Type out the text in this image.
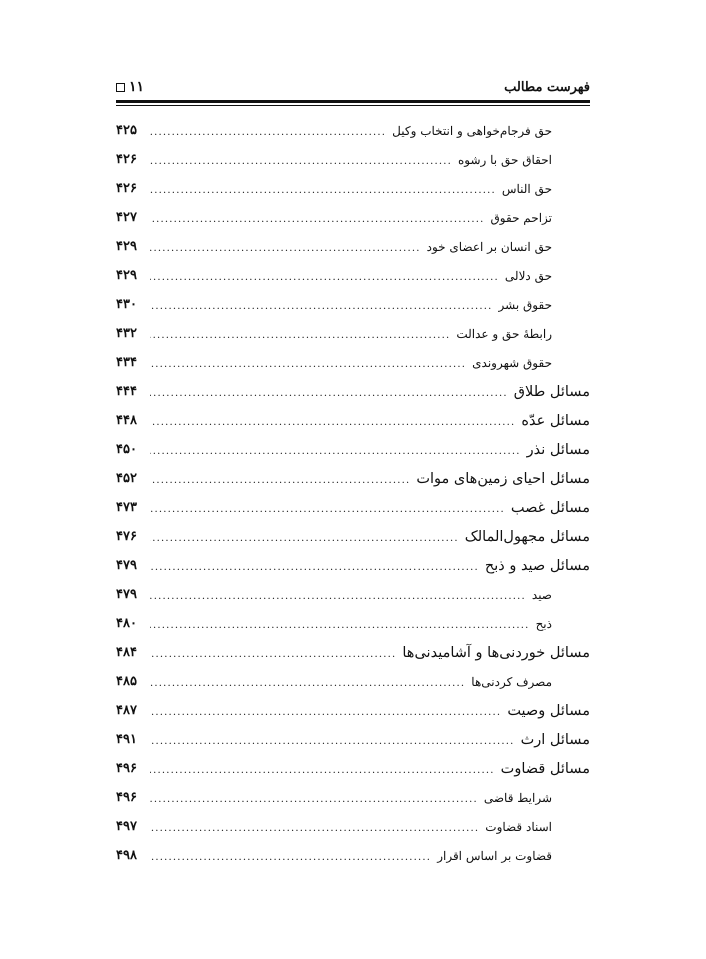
فهرست مطالب
۱۱
حق فرجام‌خواهی و انتخاب وکیل
.....
۴۲۵
احقاق حق با رشوه
.....
۴۲۶
حق الناس
.....
۴۲۶
تزاحم حقوق
.....
۴۲۷
حق انسان بر اعضای خود
.....
۴۲۹
حق دلالی
.....
۴۲۹
حقوق بشر
.....
۴۳۰
رابطهٔ حق و عدالت
.....
۴۳۲
حقوق شهروندی
.....
۴۳۴
مسائل طلاق
.....
۴۴۴
مسائل عدّه
.....
۴۴۸
مسائل نذر
.....
۴۵۰
مسائل احیای زمین‌های موات
.....
۴۵۲
مسائل غصب
.....
۴۷۳
مسائل مجهول‌المالک
.....
۴۷۶
مسائل صید و ذبح
.....
۴۷۹
صید
.....
۴۷۹
ذبح
.....
۴۸۰
مسائل خوردنی‌ها و آشامیدنی‌ها
.....
۴۸۴
مصرف کردنی‌ها
.....
۴۸۵
مسائل وصیت
.....
۴۸۷
مسائل ارث
.....
۴۹۱
مسائل قضاوت
.....
۴۹۶
شرایط قاضی
.....
۴۹۶
اسناد قضاوت
.....
۴۹۷
قضاوت بر اساس اقرار
.....
۴۹۸
